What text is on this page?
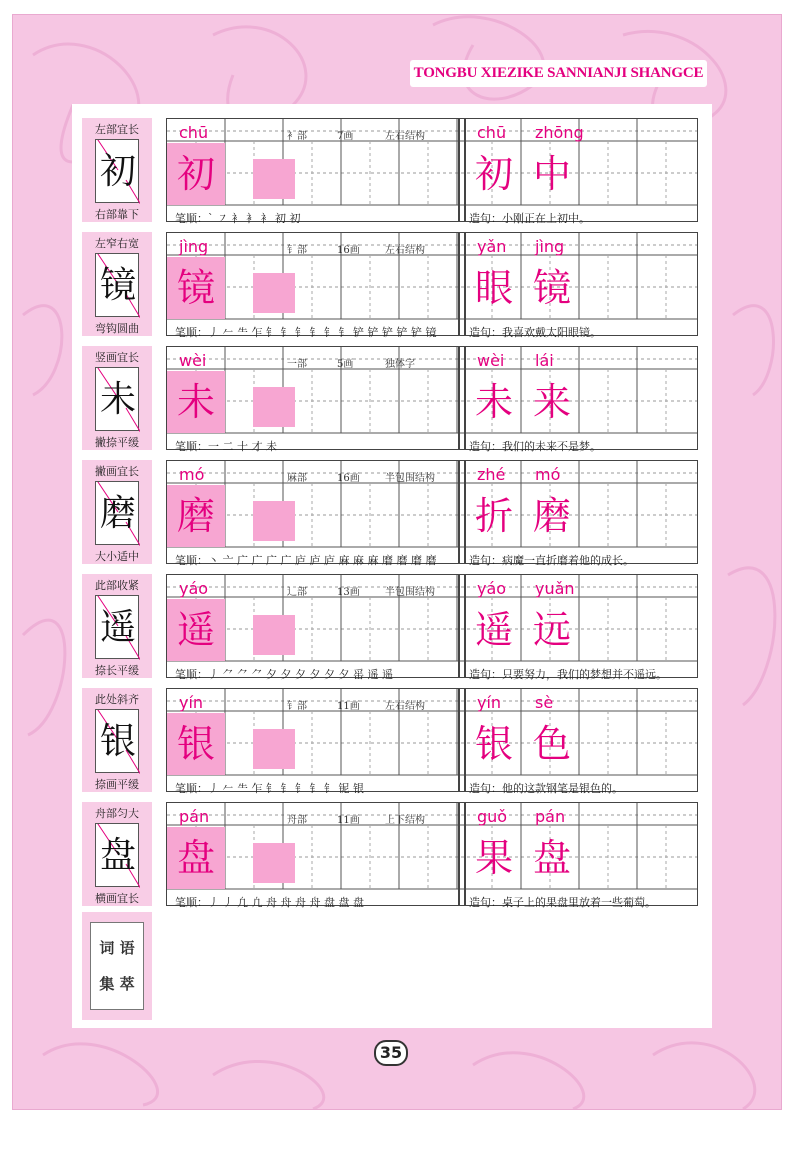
TONGBU XIEZIKE SANNIANJI SHANGCE
左部宜长
初
右部靠下
chū	衤部	7画	左右结构
初
chū zhōng
初 中
笔顺：` ㇇ 衤 衤 衤 初 初	造句：小刚正在上初中。
左窄右宽
镜
弯钩圆曲
jìng	钅部	16画	左右结构
镜
yǎn jìng
眼 镜
笔顺：丿 𠂉 ⺧ 乍 钅 钅 钅 钅 钅 钅 铲 铲 铲 铲 铲 镜	造句：我喜欢戴太阳眼镜。
竖画宜长
未
撇捺平缓
wèi	一部	5画	独体字
未
wèi lái
未 来
笔顺：一 二 十 才 未	造句：我们的未来不是梦。
撇画宜长
磨
大小适中
mó	麻部	16画	半包围结构
磨
zhé mó
折 磨
笔顺：丶 亠 广 广 广 广 庐 庐 庐 麻 麻 麻 磨 磨 磨 磨	造句：病魔一直折磨着他的成长。
此部收紧
遥
捺长平缓
yáo	辶部	13画	半包围结构
遥
yáo yuǎn
遥 远
笔顺：丿 ⺈ ⺈ ⺈ 夕 夕 夕 夕 夕 夕 䍃 遥 遥	造句：只要努力，我们的梦想并不遥远。
此处斜齐
银
捺画平缓
yín	钅部	11画	左右结构
银
yín sè
银 色
笔顺：丿 𠂉 ⺧ 乍 钅 钅 钅 钅 钅 铌 银	造句：他的这款钢笔是银色的。
舟部匀大
盘
横画宜长
pán	舟部	11画	上下结构
盘
guǒ pán
果 盘
笔顺：丿 丿 凢 凢 舟 舟 舟 舟 盘 盘 盘	造句：桌子上的果盘里放着一些葡萄。
词 语
集 萃
35
